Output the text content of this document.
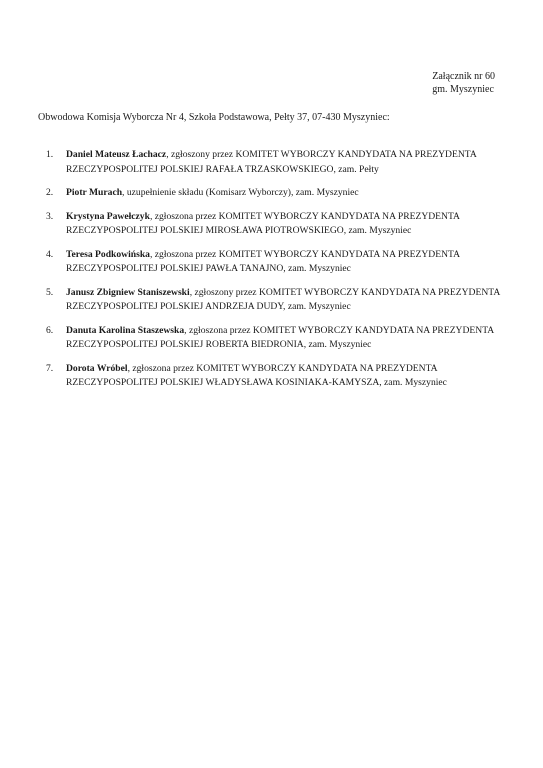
Załącznik nr 60
gm. Myszyniec
Obwodowa Komisja Wyborcza Nr 4, Szkoła Podstawowa, Pełty 37, 07-430 Myszyniec:
1. Daniel Mateusz Łachacz, zgłoszony przez KOMITET WYBORCZY KANDYDATA NA PREZYDENTA RZECZYPOSPOLITEJ POLSKIEJ RAFAŁA TRZASKOWSKIEGO, zam. Pełty
2. Piotr Murach, uzupełnienie składu (Komisarz Wyborczy), zam. Myszyniec
3. Krystyna Pawełczyk, zgłoszona przez KOMITET WYBORCZY KANDYDATA NA PREZYDENTA RZECZYPOSPOLITEJ POLSKIEJ MIROSŁAWA PIOTROWSKIEGO, zam. Myszyniec
4. Teresa Podkowińska, zgłoszona przez KOMITET WYBORCZY KANDYDATA NA PREZYDENTA RZECZYPOSPOLITEJ POLSKIEJ PAWŁA TANAJNO, zam. Myszyniec
5. Janusz Zbigniew Staniszewski, zgłoszony przez KOMITET WYBORCZY KANDYDATA NA PREZYDENTA RZECZYPOSPOLITEJ POLSKIEJ ANDRZEJA DUDY, zam. Myszyniec
6. Danuta Karolina Staszewska, zgłoszona przez KOMITET WYBORCZY KANDYDATA NA PREZYDENTA RZECZYPOSPOLITEJ POLSKIEJ ROBERTA BIEDRONIA, zam. Myszyniec
7. Dorota Wróbel, zgłoszona przez KOMITET WYBORCZY KANDYDATA NA PREZYDENTA RZECZYPOSPOLITEJ POLSKIEJ WŁADYSŁAWA KOSINIAKA-KAMYSZA, zam. Myszyniec
